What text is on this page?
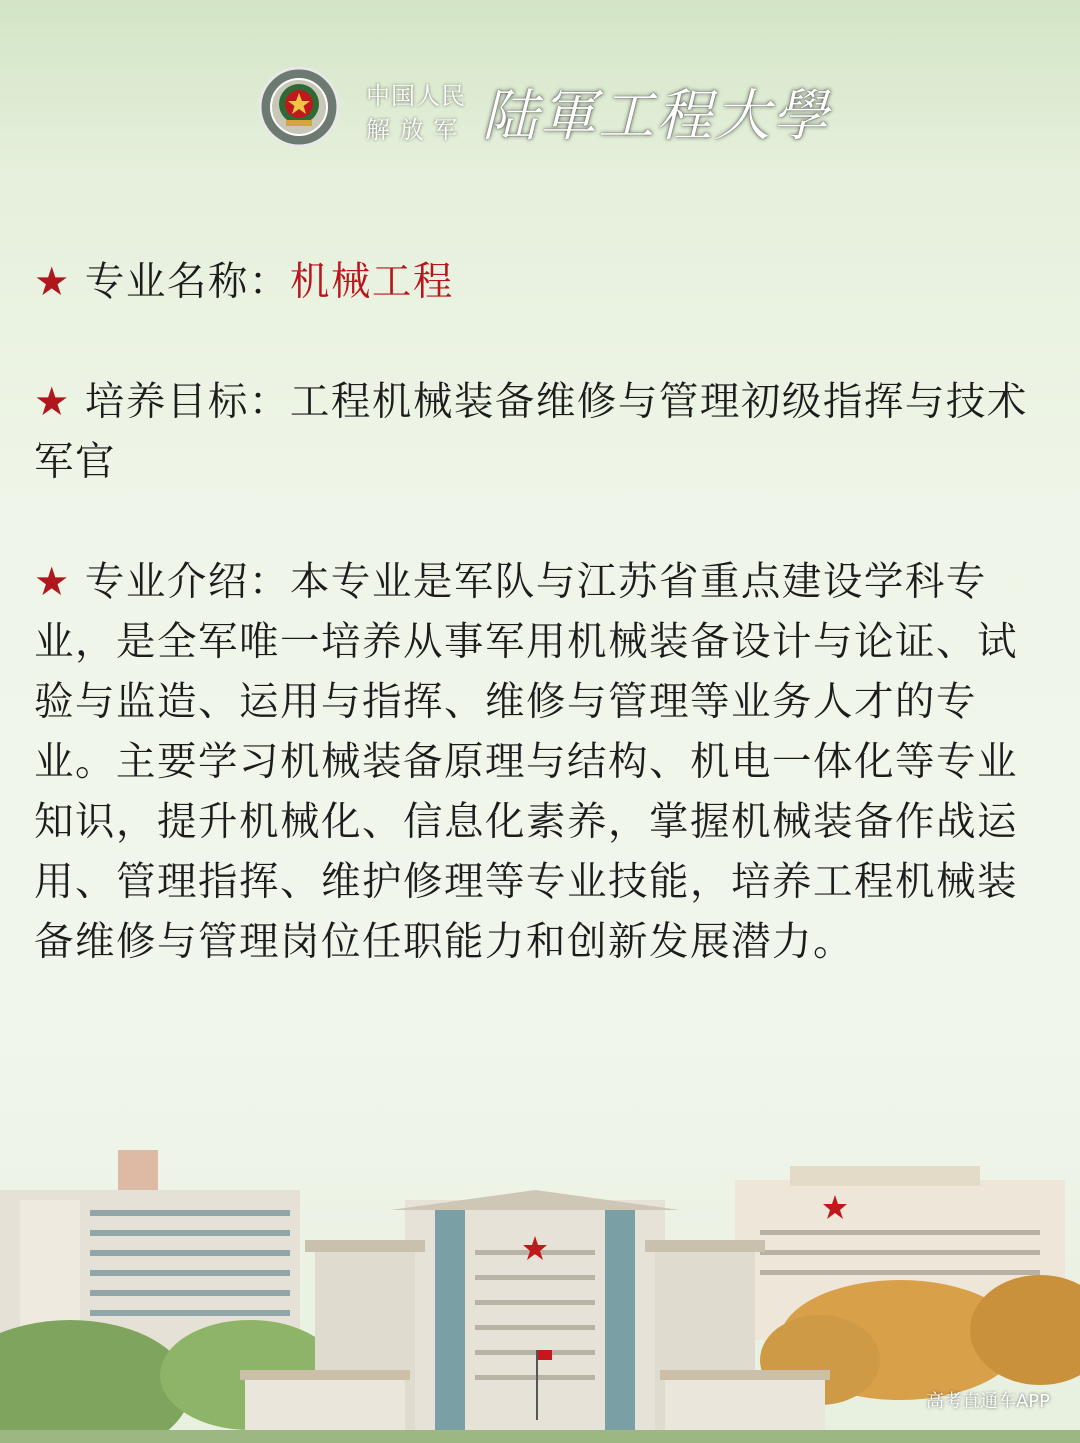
中国人民
解 放 军 陆軍工程大學

★ 专业名称：机械工程

★ 培养目标：工程机械装备维修与管理初级指挥与技术军官

★ 专业介绍：本专业是军队与江苏省重点建设学科专业，是全军唯一培养从事军用机械装备设计与论证、试验与监造、运用与指挥、维修与管理等业务人才的专业。主要学习机械装备原理与结构、机电一体化等专业知识，提升机械化、信息化素养，掌握机械装备作战运用、管理指挥、维护修理等专业技能，培养工程机械装备维修与管理岗位任职能力和创新发展潜力。

高考直通车APP
